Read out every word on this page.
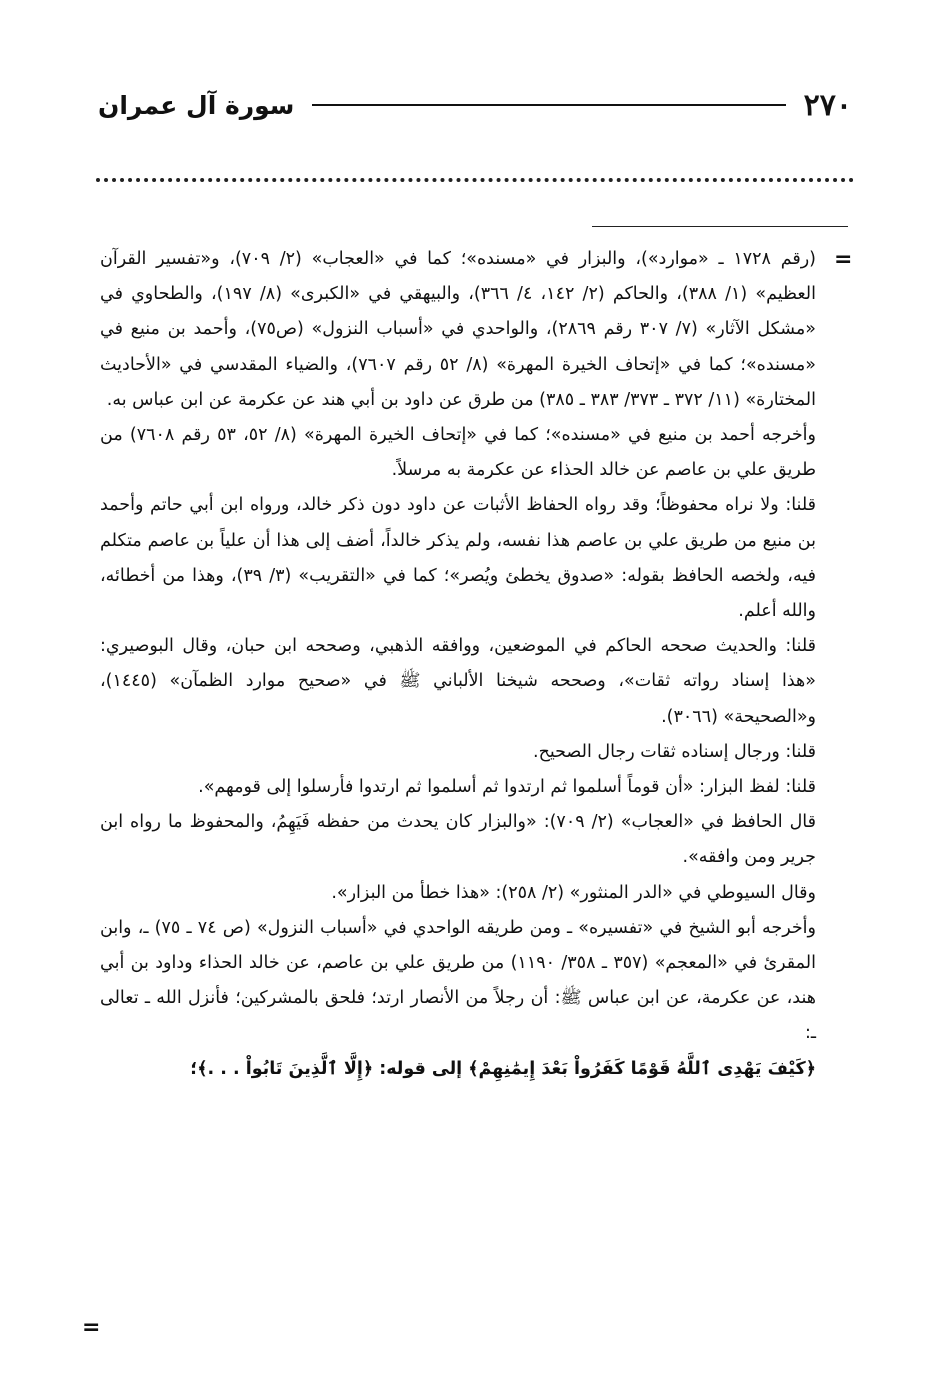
٢٧٠
سورة آل عمران
=

(رقم ١٧٢٨ ـ «موارد»)، والبزار في «مسنده»؛ كما في «العجاب» (٢/ ٧٠٩)، و«تفسير القرآن العظيم» (١/ ٣٨٨)، والحاكم (٢/ ١٤٢، ٤/ ٣٦٦)، والبيهقي في «الكبرى» (٨/ ١٩٧)، والطحاوي في «مشكل الآثار» (٧/ ٣٠٧ رقم ٢٨٦٩)، والواحدي في «أسباب النزول» (ص٧٥)، وأحمد بن منيع في «مسنده»؛ كما في «إتحاف الخيرة المهرة» (٨/ ٥٢ رقم ٧٦٠٧)، والضياء المقدسي في «الأحاديث المختارة» (١١/ ٣٧٢ ـ ٣٧٣/ ٣٨٣ ـ ٣٨٥) من طرق عن داود بن أبي هند عن عكرمة عن ابن عباس به.

وأخرجه أحمد بن منيع في «مسنده»؛ كما في «إتحاف الخيرة المهرة» (٨/ ٥٢، ٥٣ رقم ٧٦٠٨) من طريق علي بن عاصم عن خالد الحذاء عن عكرمة به مرسلاً.

قلنا: ولا نراه محفوظاً؛ وقد رواه الحفاظ الأثبات عن داود دون ذكر خالد، ورواه ابن أبي حاتم وأحمد بن منيع من طريق علي بن عاصم هذا نفسه، ولم يذكر خالداً، أضف إلى هذا أن علياً بن عاصم متكلم فيه، ولخصه الحافظ بقوله: «صدوق يخطئ ويُصر»؛ كما في «التقريب» (٣/ ٣٩)، وهذا من أخطائه، والله أعلم.

قلنا: والحديث صححه الحاكم في الموضعين، ووافقه الذهبي، وصححه ابن حبان، وقال البوصيري: «هذا إسناد رواته ثقات»، وصححه شيخنا الألباني ﷺ في «صحيح موارد الظمآن» (١٤٤٥)، و«الصحيحة» (٣٠٦٦).

قلنا: ورجال إسناده ثقات رجال الصحيح.

قلنا: لفظ البزار: «أن قوماً أسلموا ثم ارتدوا ثم أسلموا ثم ارتدوا فأرسلوا إلى قومهم».

قال الحافظ في «العجاب» (٢/ ٧٠٩): «والبزار كان يحدث من حفظه فَيَهِمُ، والمحفوظ ما رواه ابن جرير ومن وافقه».

وقال السيوطي في «الدر المنثور» (٢/ ٢٥٨): «هذا خطأ من البزار».

وأخرجه أبو الشيخ في «تفسيره» ـ ومن طريقه الواحدي في «أسباب النزول» (ص ٧٤ ـ ٧٥) ـ، وابن المقرئ في «المعجم» (٣٥٧ ـ ٣٥٨/ ١١٩٠) من طريق علي بن عاصم، عن خالد الحذاء وداود بن أبي هند، عن عكرمة، عن ابن عباس ﷺ: أن رجلاً من الأنصار ارتد؛ فلحق بالمشركين؛ فأنزل الله ـ تعالى ـ:

﴿كَيْفَ يَهْدِى ٱللَّهُ قَوْمًا كَفَرُواْ بَعْدَ إِيمَٰنِهِمْ﴾ إلى قوله: ﴿إِلَّا ٱلَّذِينَ تَابُواْ . . .﴾؛

=
